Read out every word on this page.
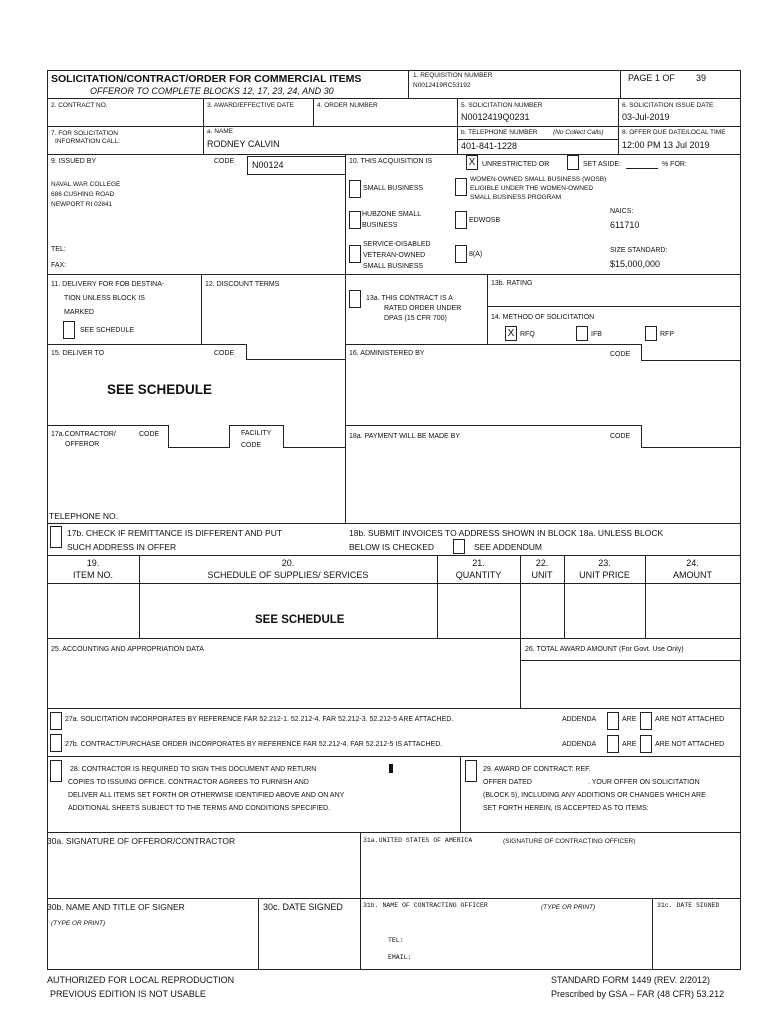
SOLICITATION/CONTRACT/ORDER FOR COMMERCIAL ITEMS
OFFEROR TO COMPLETE BLOCKS 12, 17, 23, 24, AND 30
1. REQUISITION NUMBER
N0012419RC53192
PAGE 1 OF 39
2. CONTRACT NO.	3. AWARD/EFFECTIVE DATE	4. ORDER NUMBER	5. SOLICITATION NUMBER
N0012419Q0231
6. SOLICITATION ISSUE DATE
03-Jul-2019
7. FOR SOLICITATION
INFORMATION CALL:
a. NAME
RODNEY CALVIN
b. TELEPHONE NUMBER (No Collect Calls)
401-841-1228
8. OFFER DUE DATE/LOCAL TIME
12:00 PM 13 Jul 2019
9. ISSUED BY	CODE N00124
NAVAL WAR COLLEGE
686 CUSHING ROAD
NEWPORT RI 02841
TEL:
FAX:
10. THIS ACQUISITION IS	X UNRESTRICTED OR	SET ASIDE:	% FOR:
SMALL BUSINESS
WOMEN-OWNED SMALL BUSINESS (WOSB)
ELIGIBLE UNDER THE WOMEN-OWNED
SMALL BUSINESS PROGRAM
HUBZONE SMALL
BUSINESS
EDWOSB
NAICS:
611710
SERVICE-DISABLED
VETERAN-OWNED
SMALL BUSINESS
8(A)
SIZE STANDARD:
$15,000,000
11. DELIVERY FOR FOB DESTINA-
TION UNLESS BLOCK IS
MARKED
SEE SCHEDULE
12. DISCOUNT TERMS
13a. THIS CONTRACT IS A
RATED ORDER UNDER
DPAS (15 CFR 700)
13b. RATING
14. METHOD OF SOLICITATION
X RFQ	IFB	RFP
15. DELIVER TO	CODE
SEE SCHEDULE
16. ADMINISTERED BY	CODE
17a.CONTRACTOR/
OFFEROR
CODE	FACILITY
CODE
18a. PAYMENT WILL BE MADE BY	CODE
TELEPHONE NO.
17b. CHECK IF REMITTANCE IS DIFFERENT AND PUT
SUCH ADDRESS IN OFFER
18b. SUBMIT INVOICES TO ADDRESS SHOWN IN BLOCK 18a. UNLESS BLOCK
BELOW IS CHECKED	SEE ADDENDUM
19.
ITEM NO.
20.
SCHEDULE OF SUPPLIES/ SERVICES
21.
QUANTITY
22.
UNIT
23.
UNIT PRICE
24.
AMOUNT
SEE SCHEDULE
25. ACCOUNTING AND APPROPRIATION DATA	26. TOTAL AWARD AMOUNT (For Govt. Use Only)
27a. SOLICITATION INCORPORATES BY REFERENCE FAR 52.212-1. 52.212-4. FAR 52.212-3. 52.212-5 ARE ATTACHED.	ADDENDA	ARE	ARE NOT ATTACHED
27b. CONTRACT/PURCHASE ORDER INCORPORATES BY REFERENCE FAR 52.212-4. FAR 52.212-5 IS ATTACHED.	ADDENDA	ARE	ARE NOT ATTACHED
28. CONTRACTOR IS REQUIRED TO SIGN THIS DOCUMENT AND RETURN
COPIES TO ISSUING OFFICE. CONTRACTOR AGREES TO FURNISH AND
DELIVER ALL ITEMS SET FORTH OR OTHERWISE IDENTIFIED ABOVE AND ON ANY
ADDITIONAL SHEETS SUBJECT TO THE TERMS AND CONDITIONS SPECIFIED.
29. AWARD OF CONTRACT: REF.
OFFER DATED	. YOUR OFFER ON SOLICITATION
(BLOCK 5), INCLUDING ANY ADDITIONS OR CHANGES WHICH ARE
SET FORTH HEREIN, IS ACCEPTED AS TO ITEMS:
30a. SIGNATURE OF OFFEROR/CONTRACTOR	31a.UNITED STATES OF AMERICA	(SIGNATURE OF CONTRACTING OFFICER)
30b. NAME AND TITLE OF SIGNER
(TYPE OR PRINT)
30c. DATE SIGNED	31b. NAME OF CONTRACTING OFFICER	(TYPE OR PRINT)	31c. DATE SIGNED
TEL:
EMAIL:
AUTHORIZED FOR LOCAL REPRODUCTION
PREVIOUS EDITION IS NOT USABLE
STANDARD FORM 1449 (REV. 2/2012)
Prescribed by GSA – FAR (48 CFR) 53.212
